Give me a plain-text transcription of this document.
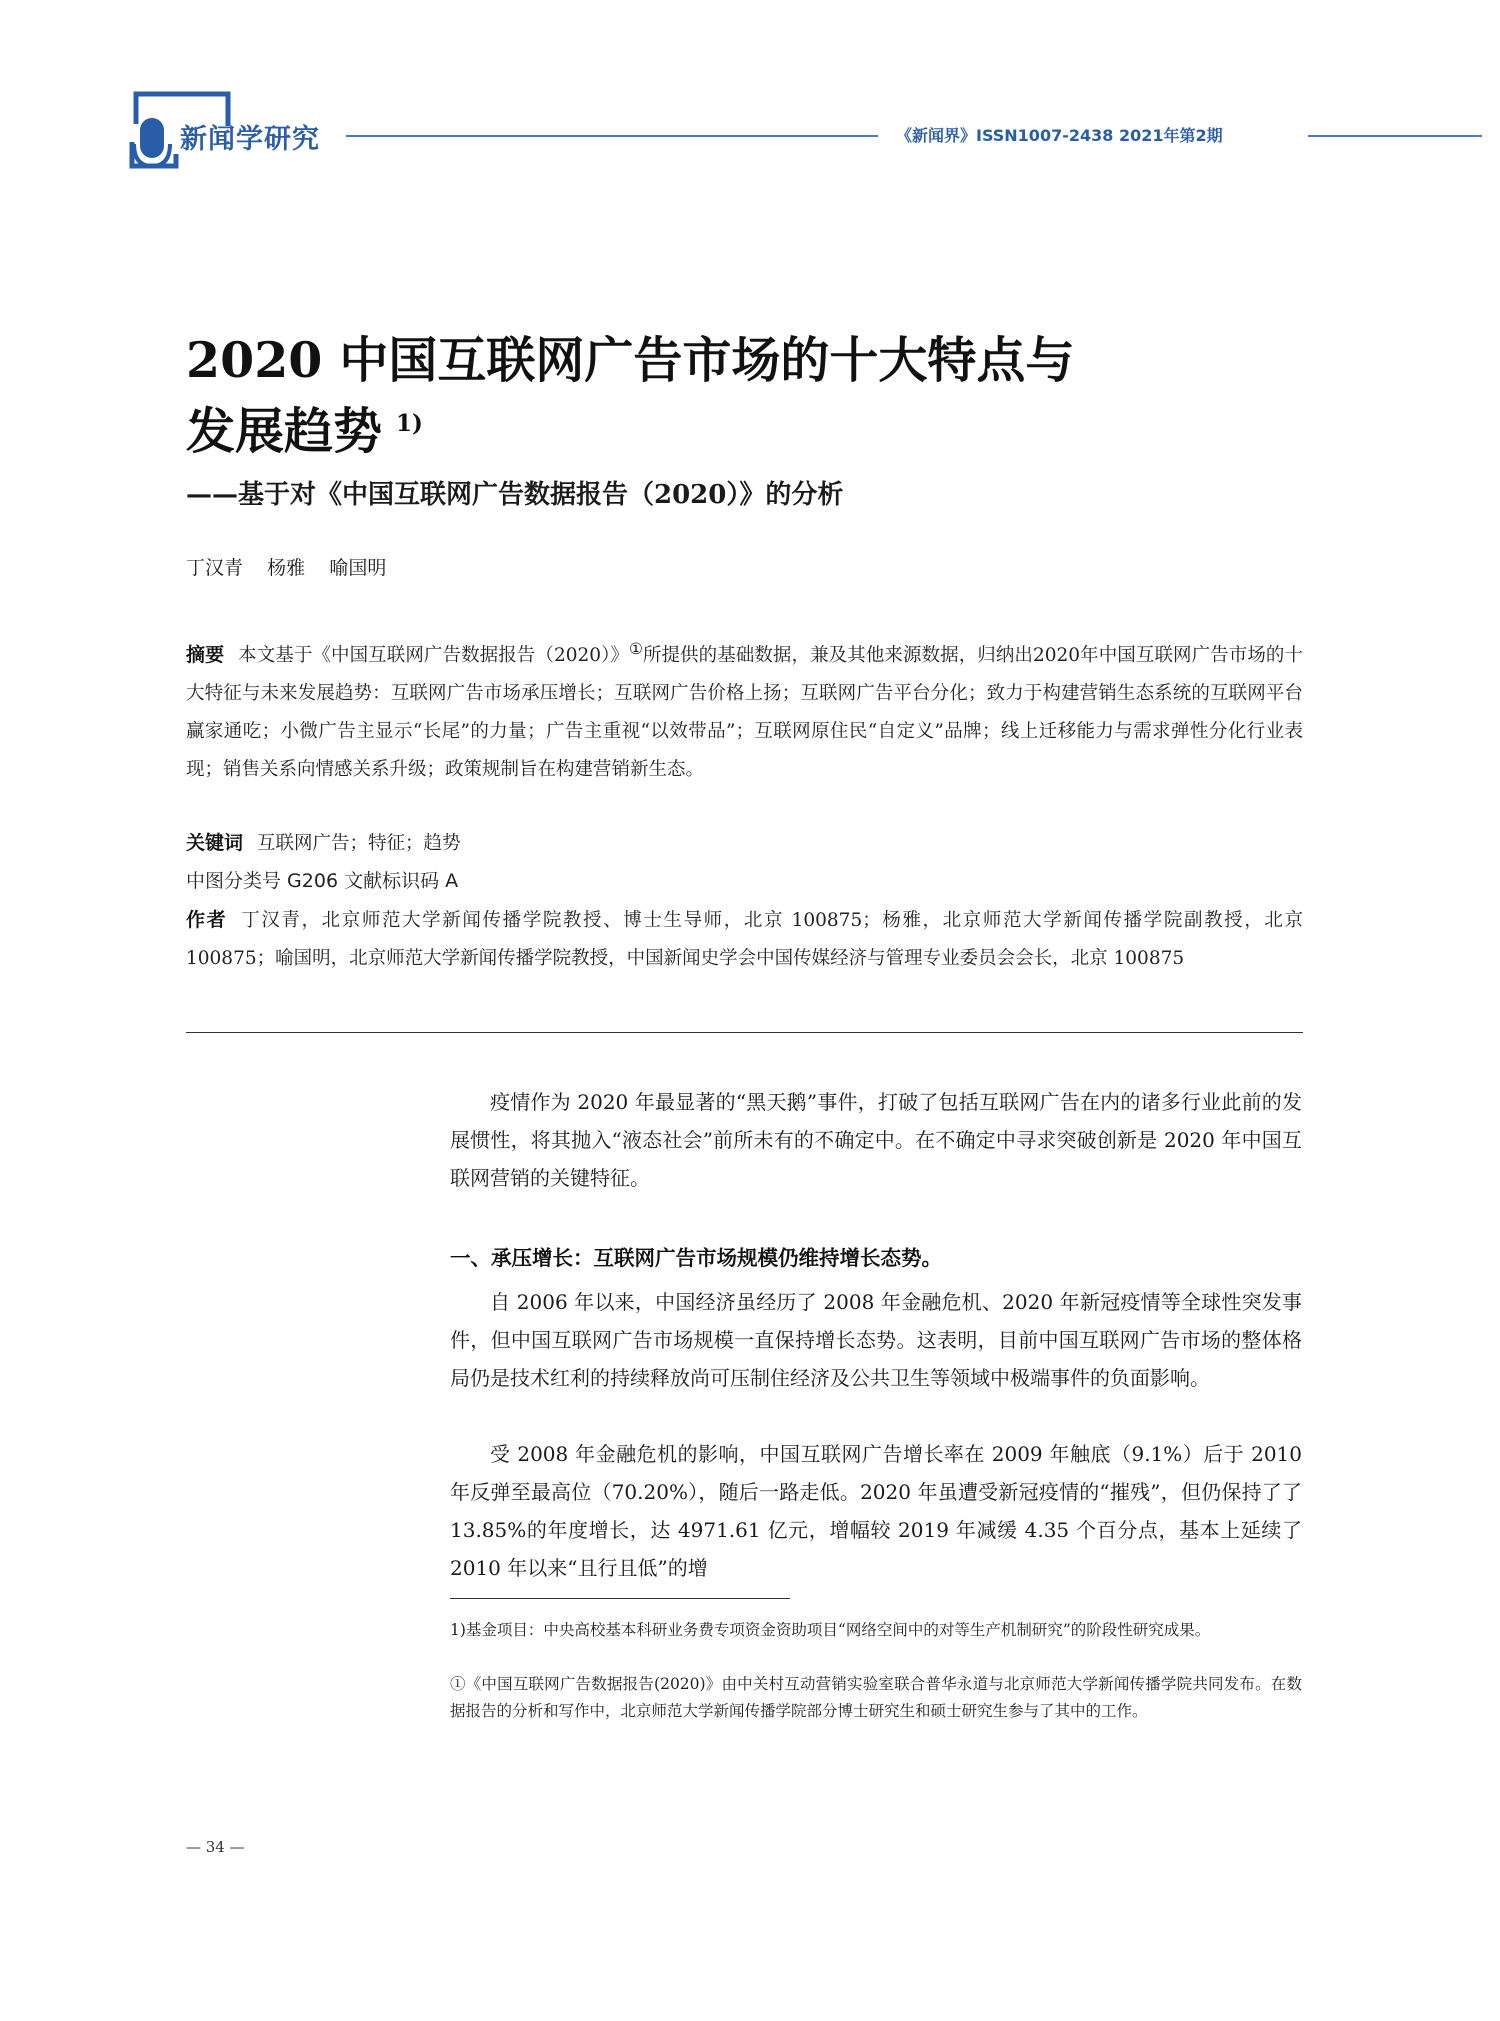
新闻学研究	《新闻界》ISSN1007-2438 2021年第2期
2020 中国互联网广告市场的十大特点与
发展趋势 $^{1)}$
——基于对《中国互联网广告数据报告（2020）》的分析
丁汉青    杨雅    喻国明
摘要 本文基于《中国互联网广告数据报告（2020）》①所提供的基础数据，兼及其他来源数据，归纳出2020年中国互联网广告市场的十大特征与未来发展趋势：互联网广告市场承压增长；互联网广告价格上扬；互联网广告平台分化；致力于构建营销生态系统的互联网平台赢家通吃；小微广告主显示“长尾”的力量；广告主重视“以效带品”；互联网原住民“自定义”品牌；线上迁移能力与需求弹性分化行业表现；销售关系向情感关系升级；政策规制旨在构建营销新生态。
关键词 互联网广告；特征；趋势
中图分类号 G206 文献标识码 A
作者 丁汉青，北京师范大学新闻传播学院教授、博士生导师，北京 100875；杨雅，北京师范大学新闻传播学院副教授，北京 100875；喻国明，北京师范大学新闻传播学院教授，中国新闻史学会中国传媒经济与管理专业委员会会长，北京 100875
疫情作为 2020 年最显著的“黑天鹅”事件，打破了包括互联网广告在内的诸多行业此前的发展惯性，将其抛入“液态社会”前所未有的不确定中。在不确定中寻求突破创新是 2020 年中国互联网营销的关键特征。
一、承压增长：互联网广告市场规模仍维持增长态势。
自 2006 年以来，中国经济虽经历了 2008 年金融危机、2020 年新冠疫情等全球性突发事件，但中国互联网广告市场规模一直保持增长态势。这表明，目前中国互联网广告市场的整体格局仍是技术红利的持续释放尚可压制住经济及公共卫生等领域中极端事件的负面影响。
受 2008 年金融危机的影响，中国互联网广告增长率在 2009 年触底（9.1%）后于 2010 年反弹至最高位（70.20%），随后一路走低。2020 年虽遭受新冠疫情的“摧残”，但仍保持了了 13.85%的年度增长，达 4971.61 亿元，增幅较 2019 年减缓 4.35 个百分点，基本上延续了 2010 年以来“且行且低”的增
1)基金项目：中央高校基本科研业务费专项资金资助项目“网络空间中的对等生产机制研究”的阶段性研究成果。
①《中国互联网广告数据报告(2020)》由中关村互动营销实验室联合普华永道与北京师范大学新闻传播学院共同发布。在数据报告的分析和写作中，北京师范大学新闻传播学院部分博士研究生和硕士研究生参与了其中的工作。
— 34 —
